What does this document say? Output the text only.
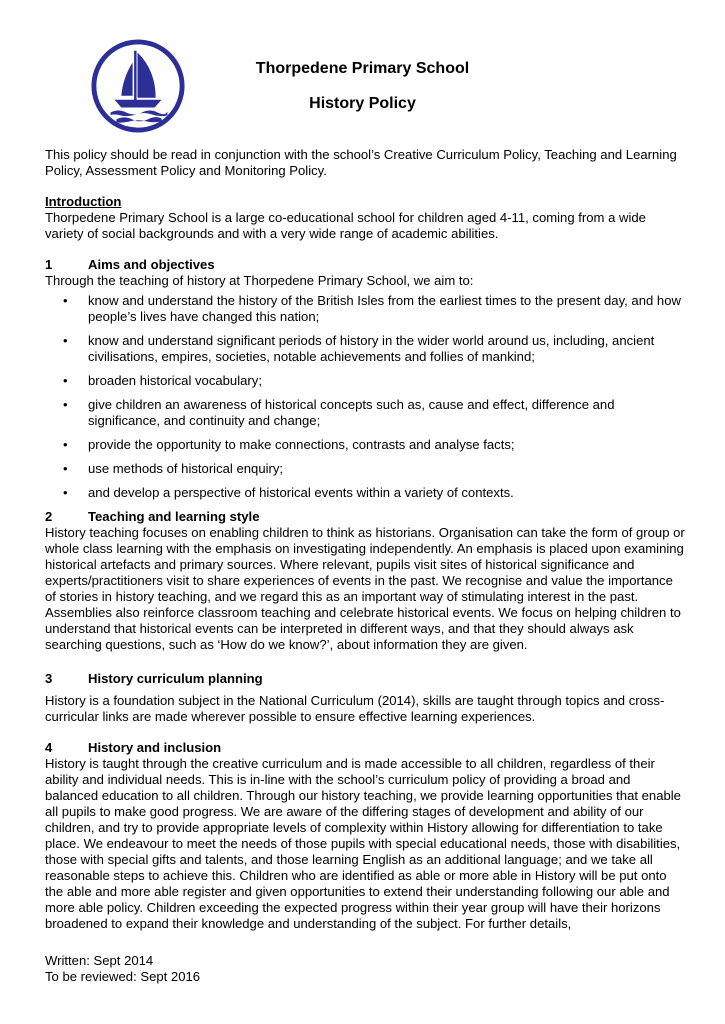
Thorpedene Primary School
History Policy

This policy should be read in conjunction with the school’s Creative Curriculum Policy, Teaching and Learning Policy, Assessment Policy and Monitoring Policy.

Introduction

Thorpedene Primary School is a large co-educational school for children aged 4-11, coming from a wide variety of social backgrounds and with a very wide range of academic abilities.

1	Aims and objectives

Through the teaching of history at Thorpedene Primary School, we aim to:

•	know and understand the history of the British Isles from the earliest times to the present day, and how people’s lives have changed this nation;
•	know and understand significant periods of history in the wider world around us, including, ancient civilisations, empires, societies, notable achievements and follies of mankind;
•	broaden historical vocabulary;
•	give children an awareness of historical concepts such as, cause and effect, difference and significance, and continuity and change;
•	provide the opportunity to make connections, contrasts and analyse facts;
•	use methods of historical enquiry;
•	and develop a perspective of historical events within a variety of contexts.
2	Teaching and learning style

History teaching focuses on enabling children to think as historians. Organisation can take the form of group or whole class learning with the emphasis on investigating independently. An emphasis is placed upon examining historical artefacts and primary sources. Where relevant, pupils visit sites of historical significance and experts/practitioners visit to share experiences of events in the past. We recognise and value the importance of stories in history teaching, and we regard this as an important way of stimulating interest in the past. Assemblies also reinforce classroom teaching and celebrate historical events. We focus on helping children to understand that historical events can be interpreted in different ways, and that they should always ask searching questions, such as ‘How do we know?’, about information they are given.

3	History curriculum planning

History is a foundation subject in the National Curriculum (2014), skills are taught through topics and cross-curricular links are made wherever possible to ensure effective learning experiences.

4	History and inclusion

History is taught through the creative curriculum and is made accessible to all children, regardless of their ability and individual needs. This is in-line with the school’s curriculum policy of providing a broad and balanced education to all children. Through our history teaching, we provide learning opportunities that enable all pupils to make good progress. We are aware of the differing stages of development and ability of our children, and try to provide appropriate levels of complexity within History allowing for differentiation to take place. We endeavour to meet the needs of those pupils with special educational needs, those with disabilities, those with special gifts and talents, and those learning English as an additional language; and we take all reasonable steps to achieve this. Children who are identified as able or more able in History will be put onto the able and more able register and given opportunities to extend their understanding following our able and more able policy. Children exceeding the expected progress within their year group will have their horizons broadened to expand their knowledge and understanding of the subject. For further details,

Written: Sept 2014
To be reviewed: Sept 2016
